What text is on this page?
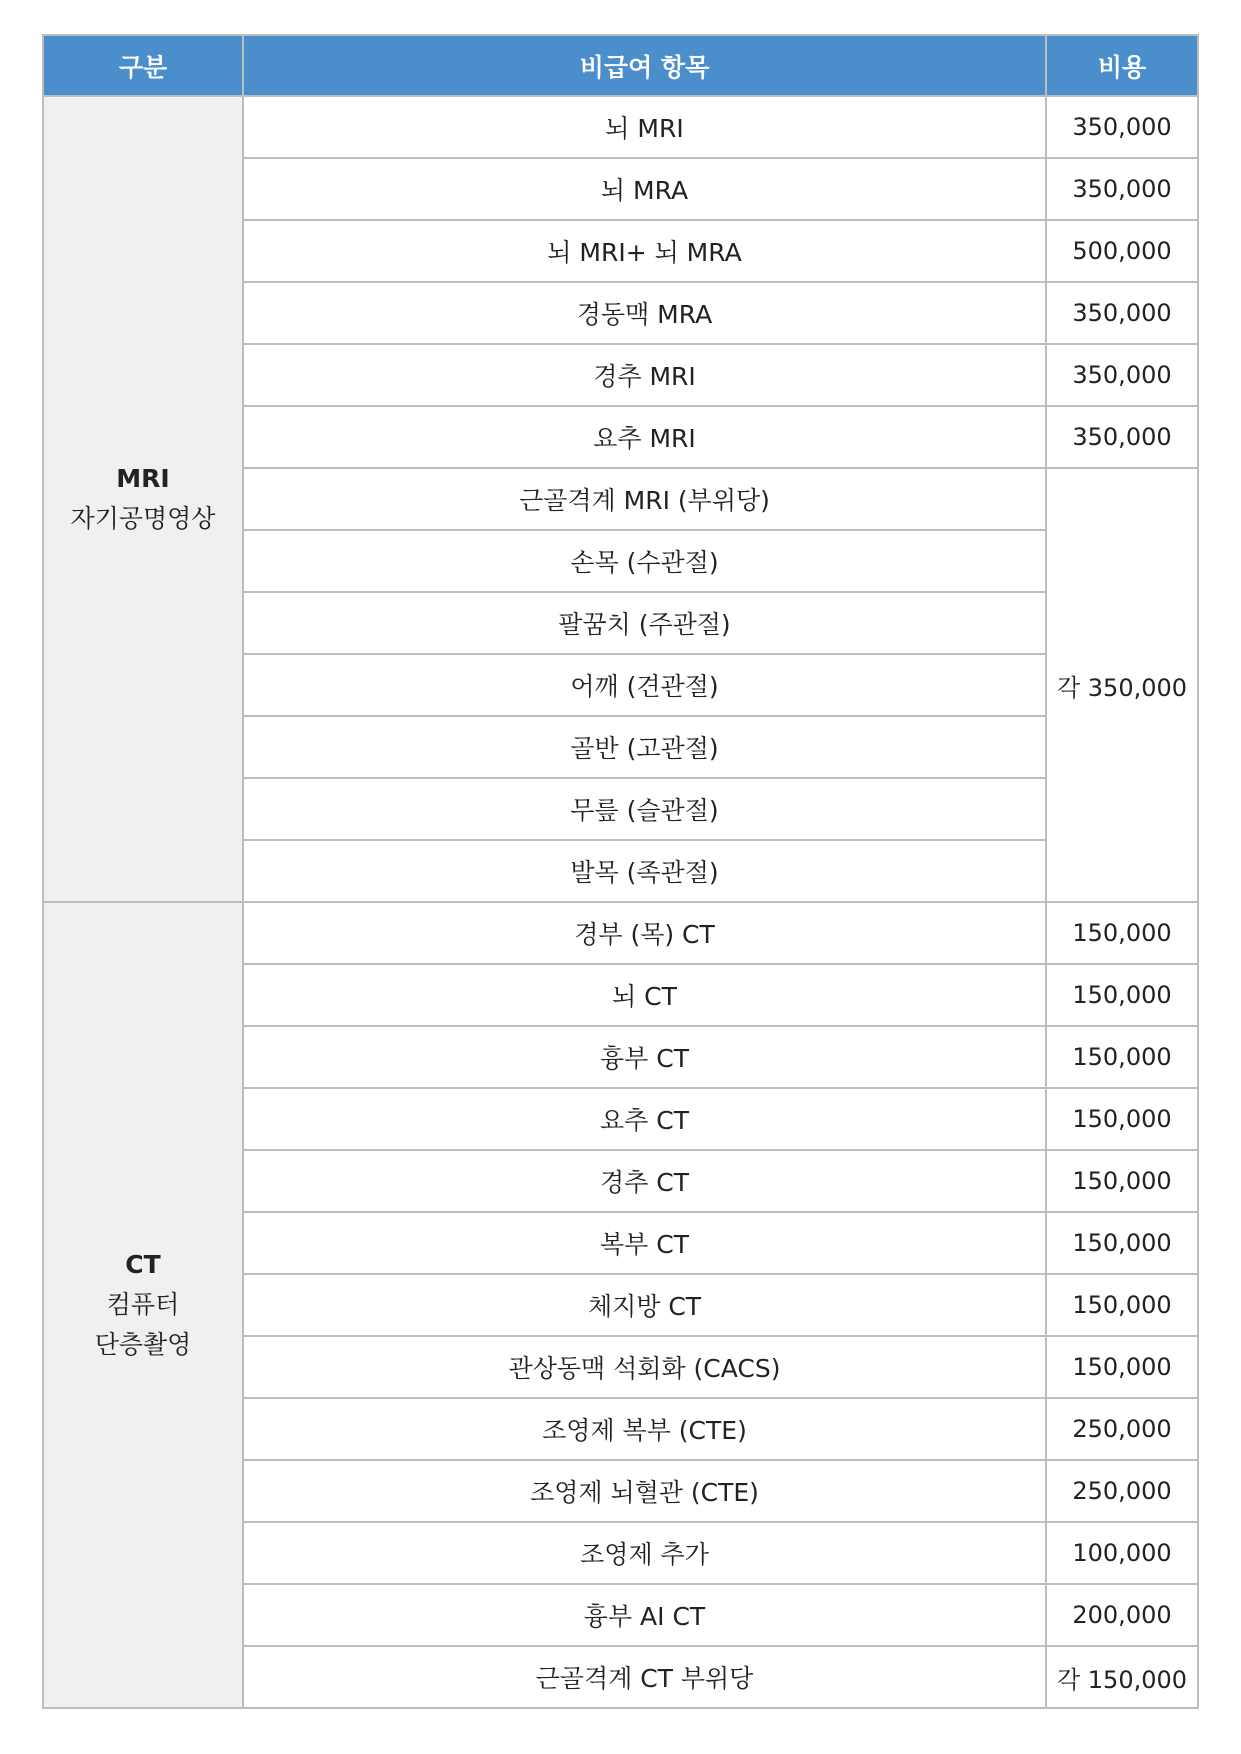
구분	비급여 항목	비용

MRI
자기공명영상	뇌 MRI	350,000
	뇌 MRA	350,000
	뇌 MRI+ 뇌 MRA	500,000
	경동맥 MRA	350,000
	경추 MRI	350,000
	요추 MRI	350,000
	근골격계 MRI (부위당)	각 350,000
	손목 (수관절)	
	팔꿈치 (주관절)	
	어깨 (견관절)	
	골반 (고관절)	
	무릎 (슬관절)	
	발목 (족관절)	

CT
컴퓨터
단층촬영	경부 (목) CT	150,000
	뇌 CT	150,000
	흉부 CT	150,000
	요추 CT	150,000
	경추 CT	150,000
	복부 CT	150,000
	체지방 CT	150,000
	관상동맥 석회화 (CACS)	150,000
	조영제 복부 (CTE)	250,000
	조영제 뇌혈관 (CTE)	250,000
	조영제 추가	100,000
	흉부 AI CT	200,000
	근골격계 CT 부위당	각 150,000
